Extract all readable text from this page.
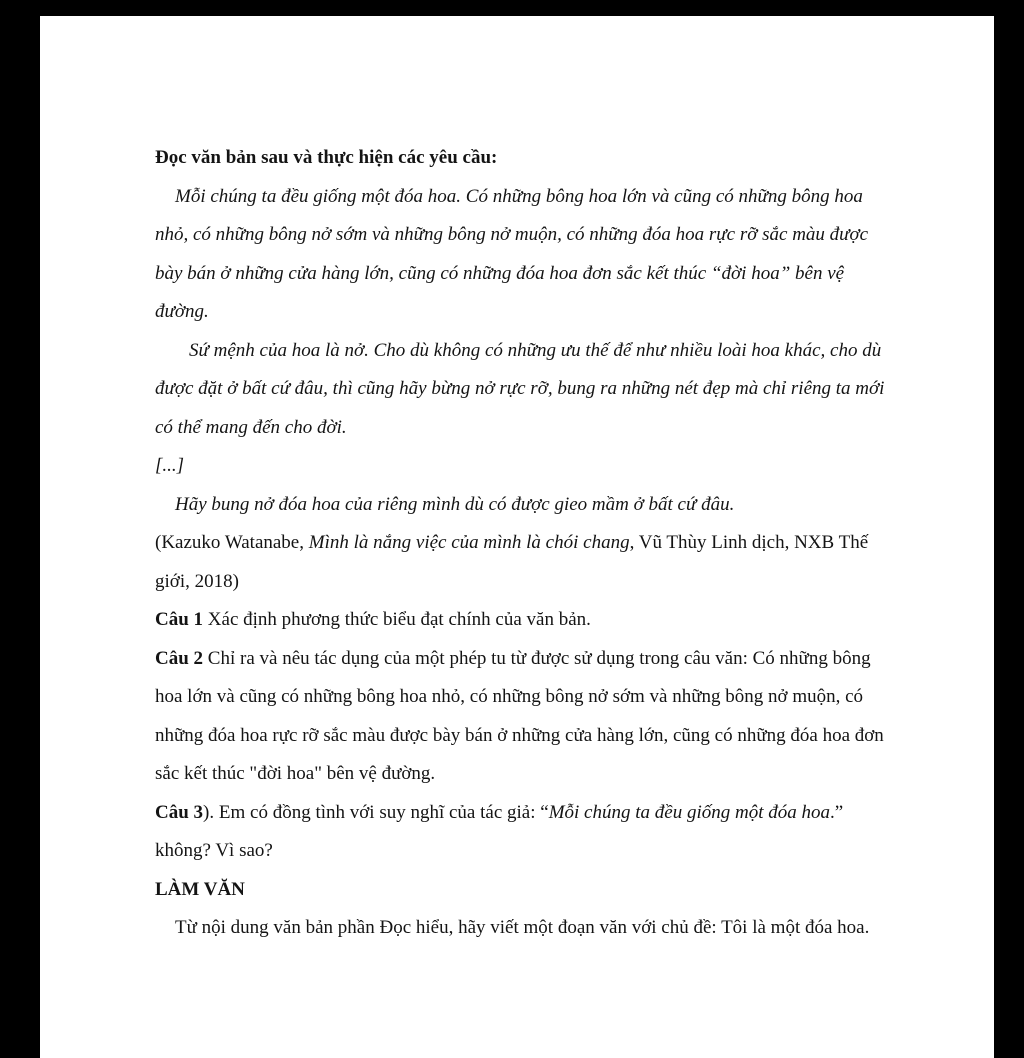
Đọc văn bản sau và thực hiện các yêu cầu:

Mỗi chúng ta đều giống một đóa hoa. Có những bông hoa lớn và cũng có những bông hoa nhỏ, có những bông nở sớm và những bông nở muộn, có những đóa hoa rực rỡ sắc màu được bày bán ở những cửa hàng lớn, cũng có những đóa hoa đơn sắc kết thúc “đời hoa” bên vệ đường.

Sứ mệnh của hoa là nở. Cho dù không có những ưu thế để như nhiều loài hoa khác, cho dù được đặt ở bất cứ đâu, thì cũng hãy bừng nở rực rỡ, bung ra những nét đẹp mà chỉ riêng ta mới có thể mang đến cho đời.

[...]

Hãy bung nở đóa hoa của riêng mình dù có được gieo mầm ở bất cứ đâu.

(Kazuko Watanabe, Mình là nắng việc của mình là chói chang, Vũ Thùy Linh dịch, NXB Thế giới, 2018)

Câu 1 Xác định phương thức biểu đạt chính của văn bản.

Câu 2 Chỉ ra và nêu tác dụng của một phép tu từ được sử dụng trong câu văn: Có những bông hoa lớn và cũng có những bông hoa nhỏ, có những bông nở sớm và những bông nở muộn, có những đóa hoa rực rỡ sắc màu được bày bán ở những cửa hàng lớn, cũng có những đóa hoa đơn sắc kết thúc "đời hoa" bên vệ đường.

Câu 3). Em có đồng tình với suy nghĩ của tác giả: “Mỗi chúng ta đều giống một đóa hoa.” không? Vì sao?

LÀM VĂN

Từ nội dung văn bản phần Đọc hiểu, hãy viết một đoạn văn với chủ đề: Tôi là một đóa hoa.
